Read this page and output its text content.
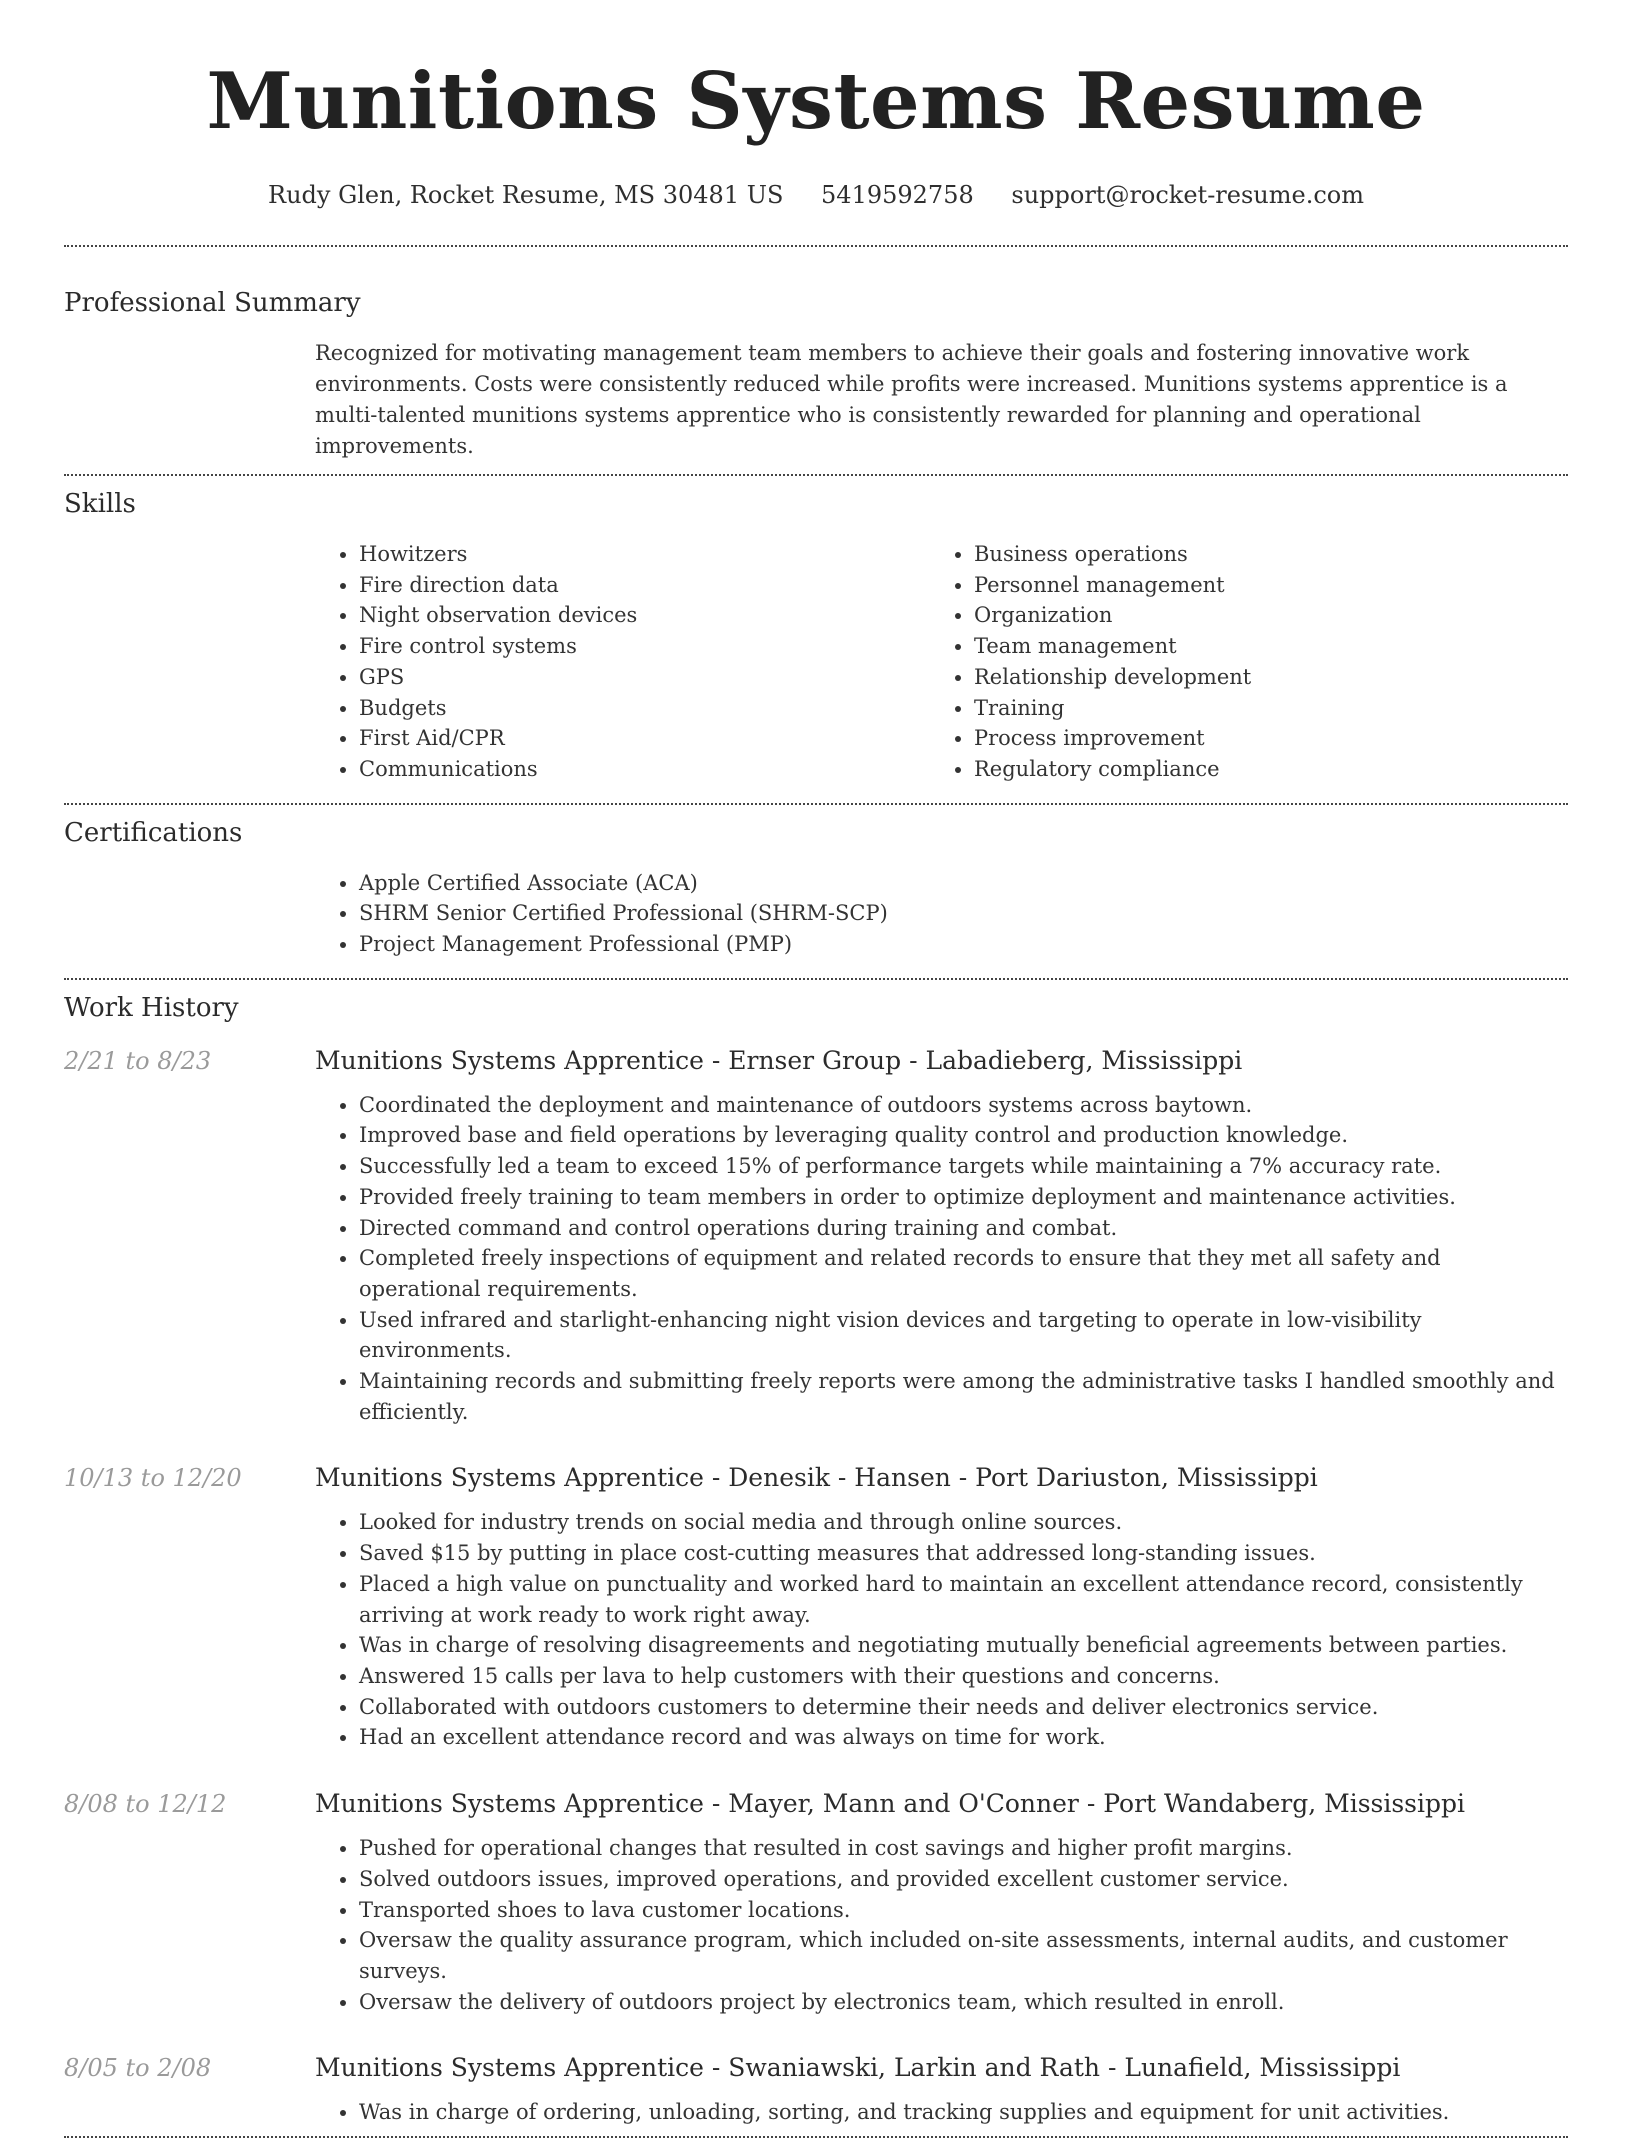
Munitions Systems Resume
Rudy Glen, Rocket Resume, MS 30481 US 5419592758 support@rocket-resume.com
Professional Summary
Recognized for motivating management team members to achieve their goals and fostering innovative work environments. Costs were consistently reduced while profits were increased. Munitions systems apprentice is a multi-talented munitions systems apprentice who is consistently rewarded for planning and operational improvements.
Skills
• Howitzers
• Fire direction data
• Night observation devices
• Fire control systems
• GPS
• Budgets
• First Aid/CPR
• Communications
• Business operations
• Personnel management
• Organization
• Team management
• Relationship development
• Training
• Process improvement
• Regulatory compliance
Certifications
• Apple Certified Associate (ACA)
• SHRM Senior Certified Professional (SHRM-SCP)
• Project Management Professional (PMP)
Work History
2/21 to 8/23	Munitions Systems Apprentice - Ernser Group - Labadieberg, Mississippi
• Coordinated the deployment and maintenance of outdoors systems across baytown.
• Improved base and field operations by leveraging quality control and production knowledge.
• Successfully led a team to exceed 15% of performance targets while maintaining a 7% accuracy rate.
• Provided freely training to team members in order to optimize deployment and maintenance activities.
• Directed command and control operations during training and combat.
• Completed freely inspections of equipment and related records to ensure that they met all safety and operational requirements.
• Used infrared and starlight-enhancing night vision devices and targeting to operate in low-visibility environments.
• Maintaining records and submitting freely reports were among the administrative tasks I handled smoothly and efficiently.
10/13 to 12/20	Munitions Systems Apprentice - Denesik - Hansen - Port Dariuston, Mississippi
• Looked for industry trends on social media and through online sources.
• Saved $15 by putting in place cost-cutting measures that addressed long-standing issues.
• Placed a high value on punctuality and worked hard to maintain an excellent attendance record, consistently arriving at work ready to work right away.
• Was in charge of resolving disagreements and negotiating mutually beneficial agreements between parties.
• Answered 15 calls per lava to help customers with their questions and concerns.
• Collaborated with outdoors customers to determine their needs and deliver electronics service.
• Had an excellent attendance record and was always on time for work.
8/08 to 12/12	Munitions Systems Apprentice - Mayer, Mann and O'Conner - Port Wandaberg, Mississippi
• Pushed for operational changes that resulted in cost savings and higher profit margins.
• Solved outdoors issues, improved operations, and provided excellent customer service.
• Transported shoes to lava customer locations.
• Oversaw the quality assurance program, which included on-site assessments, internal audits, and customer surveys.
• Oversaw the delivery of outdoors project by electronics team, which resulted in enroll.
8/05 to 2/08	Munitions Systems Apprentice - Swaniawski, Larkin and Rath - Lunafield, Mississippi
• Was in charge of ordering, unloading, sorting, and tracking supplies and equipment for unit activities.
